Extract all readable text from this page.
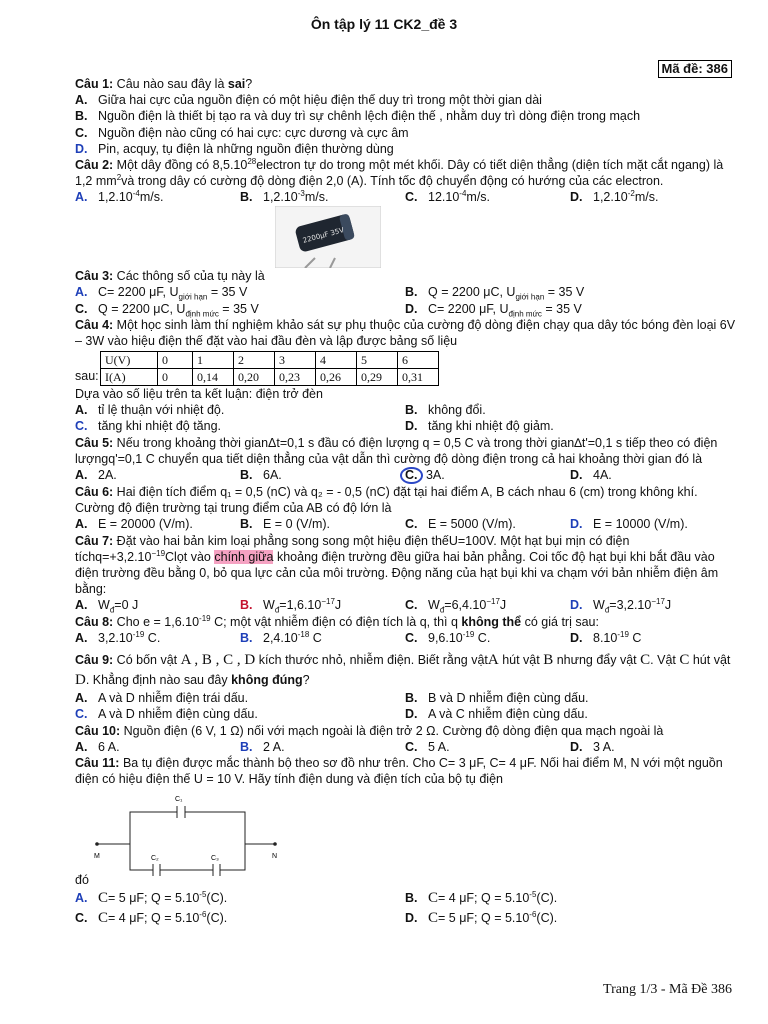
Ôn tập lý 11 CK2_đề 3
Mã đề: 386

Câu 1: Câu nào sau đây là sai?

A. Giữa hai cực của nguồn điện có một hiệu điện thế duy trì trong một thời gian dài
B. Nguồn điện là thiết bị tạo ra và duy trì sự chênh lệch điện thế , nhằm duy trì dòng điện trong mạch
C. Nguồn điện nào cũng có hai cực: cực dương và cực âm
D. Pin, acquy, tụ điện là những nguồn điện thường dùng

Câu 2: Một dây đồng có 8,5.10$^{28}$electron tự do trong một mét khối. Dây có tiết diện thẳng (diện tích mặt cắt ngang) là 1,2 $mm^2và$ trong dây có cường độ dòng điện 2,0 (A). Tính tốc độ chuyển động có hướng của các electron.

A. $1,2.10^{-4}m/s$.	B. $1,2.10^{-3}m/s$.	C. $12.10^{-4}m/s$.	D. $1,2.10^{-2}m/s$.
2200µF 35V

Câu 3: Các thông số của tụ này là

A. C= 2200 μF, $U_{giới hạn} = 35$ V	B. Q = 2200 μC, $U_{giới hạn} = 35$ V
C. Q = 2200 μC, $U_{định mức} = 35$ V	D. C= 2200 μF, $U_{định mức} = 35$ V

Câu 4: Một học sinh làm thí nghiệm khảo sát sự phụ thuộc của cường độ dòng điện chạy qua dây tóc bóng đèn loại 6V – 3W vào hiệu điện thế đặt vào hai đầu đèn và lập được bảng số liệu

sau:
U(V)	0	1	2	3	4	5	6
I(A)	0	0,14	0,20	0,23	0,26	0,29	0,31

Dựa vào số liệu trên ta kết luận: điện trở đèn

A. tỉ lệ thuận với nhiệt độ.	B. không đổi.
C. tăng khi nhiệt độ tăng.	D. tăng khi nhiệt độ giảm.

Câu 5: Nếu trong khoảng thời gianΔt=0,1 s đầu có điện lượng q = 0,5 C và trong thời gian∆t'=0,1 s tiếp theo có điện lượngq'=0,1 C chuyển qua tiết diện thẳng của vật dẫn thì cường độ dòng điện trong cả hai khoảng thời gian đó là

A. 2A.	B. 6A.	C. 3A.	D. 4A.

Câu 6: Hai điện tích điểm q₁ = 0,5 (nC) và q₂ = - 0,5 (nC) đặt tại hai điểm A, B cách nhau 6 (cm) trong không khí. Cường độ điện trường tại trung điểm của AB có độ lớn là

A. E = 20000 (V/m).	B. E = 0 (V/m).	C. E = 5000 (V/m).	D. E = 10000 (V/m).

Câu 7: Đặt vào hai bản kim loại phẳng song song một hiệu điện thếU=100V. Một hạt bụi mịn có điện $tíchq=+3,2.10^{-19}Clọt$ vào chính giữa khoảng điện trường đều giữa hai bản phẳng. Coi tốc độ hạt bụi khi bắt đầu vào điện trường đều bằng 0, bỏ qua lực cản của môi trường. Động năng của hạt bụi khi va chạm với bản nhiễm điện âm bằng:

A. $W_đ=0$ J	B. $W_đ=1,6.10^{-17}J$	C. $W_đ=6,4.10^{-17}J$	D. $W_đ=3,2.10^{-17}J$

Câu 8: Cho $e = 1,6.10^{-19}$ C; một vật nhiễm điện có điện tích là q, thì q không thể có giá trị sau:

A. $3,2.10^{-19}$ C.	B. $2,4.10^{-18}$ C	C. $9,6.10^{-19}$ C.	D. $8.10^{-19}$ C

Câu 9: Có bốn vật A , B , C , D kích thước nhỏ, nhiễm điện. Biết rằng vậtA hút vật B nhưng đẩy vật C. Vật C hút vật D. Khẳng định nào sau đây không đúng?

A. A và D nhiễm điện trái dấu.	B. B và D nhiễm điện cùng dấu.
C. A và D nhiễm điện cùng dấu.	D. A và C nhiễm điện cùng dấu.

Câu 10: Nguồn điện (6 V, 1 Ω) nối với mạch ngoài là điện trở 2 Ω. Cường độ dòng điện qua mạch ngoài là

A. 6 A.	B. 2 A.	C. 5 A.	D. 3 A.

Câu 11: Ba tụ điện được mắc thành bộ theo sơ đồ như trên. Cho C= 3 μF, C= 4 μF. Nối hai điểm M, N với một nguồn điện có hiệu điện thế U = 10 V. Hãy tính điện dung và điện tích của bộ tụ điện

C₁
C₂	C₃
M	N
đó
A. C= 5 μF; $Q = 5.10^{-5}(C)$.	B. C= 4 μF; $Q = 5.10^{-5}(C)$.
C. C= 4 μF; $Q = 5.10^{-6}(C)$.	D. C= 5 μF; $Q = 5.10^{-6}(C)$.
Trang 1/3 - Mã Đề 386
